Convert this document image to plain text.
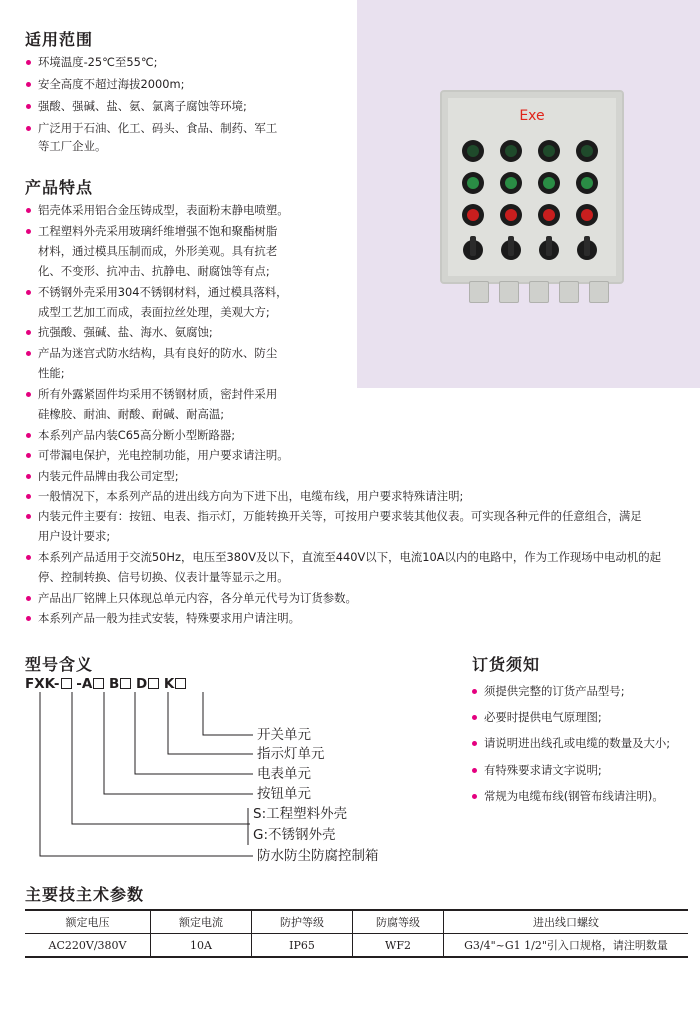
适用范围
环境温度-25℃至55℃;
安全高度不超过海拔2000m;
强酸、强碱、盐、氨、氯离子腐蚀等环境;
广泛用于石油、化工、码头、食品、制药、军工
等工厂企业。
产品特点
铝壳体采用铝合金压铸成型，表面粉末静电喷塑。
工程塑料外壳采用玻璃纤维增强不饱和聚酯树脂
材料，通过模具压制而成，外形美观。具有抗老
化、不变形、抗冲击、抗静电、耐腐蚀等有点;
不锈钢外壳采用304不锈钢材料，通过模具落料，
成型工艺加工而成，表面拉丝处理，美观大方;
抗强酸、强碱、盐、海水、氨腐蚀;
产品为迷宫式防水结构，具有良好的防水、防尘
性能;
所有外露紧固件均采用不锈钢材质，密封件采用
硅橡胶、耐油、耐酸、耐碱、耐高温;
本系列产品内装C65高分断小型断路器;
可带漏电保护，光电控制功能，用户要求请注明。
内装元件品牌由我公司定型;
一般情况下，本系列产品的进出线方向为下进下出，电缆布线，用户要求特殊请注明;
内装元件主要有：按钮、电表、指示灯，万能转换开关等，可按用户要求装其他仪表。可实现各种元件的任意组合，满足
用户设计要求;
本系列产品适用于交流50Hz，电压至380V及以下，直流至440V以下，电流10A以内的电路中，作为工作现场中电动机的起
停、控制转换、信号切换、仪表计量等显示之用。
产品出厂铭牌上只体现总单元内容，各分单元代号为订货参数。
本系列产品一般为挂式安装，特殊要求用户请注明。
Exe
型号含义
FXK- -A B D K
开关单元
指示灯单元
电表单元
按钮单元
S:工程塑料外壳
G:不锈钢外壳
防水防尘防腐控制箱
订货须知
须提供完整的订货产品型号;
必要时提供电气原理图;
请说明进出线孔或电缆的数量及大小;
有特殊要求请文字说明;
常规为电缆布线(钢管布线请注明)。
主要技主术参数
额定电压	额定电流	防护等级	防腐等级	进出线口螺纹
AC220V/380V	10A	IP65	WF2	G3/4"~G1 1/2"引入口规格，请注明数量
